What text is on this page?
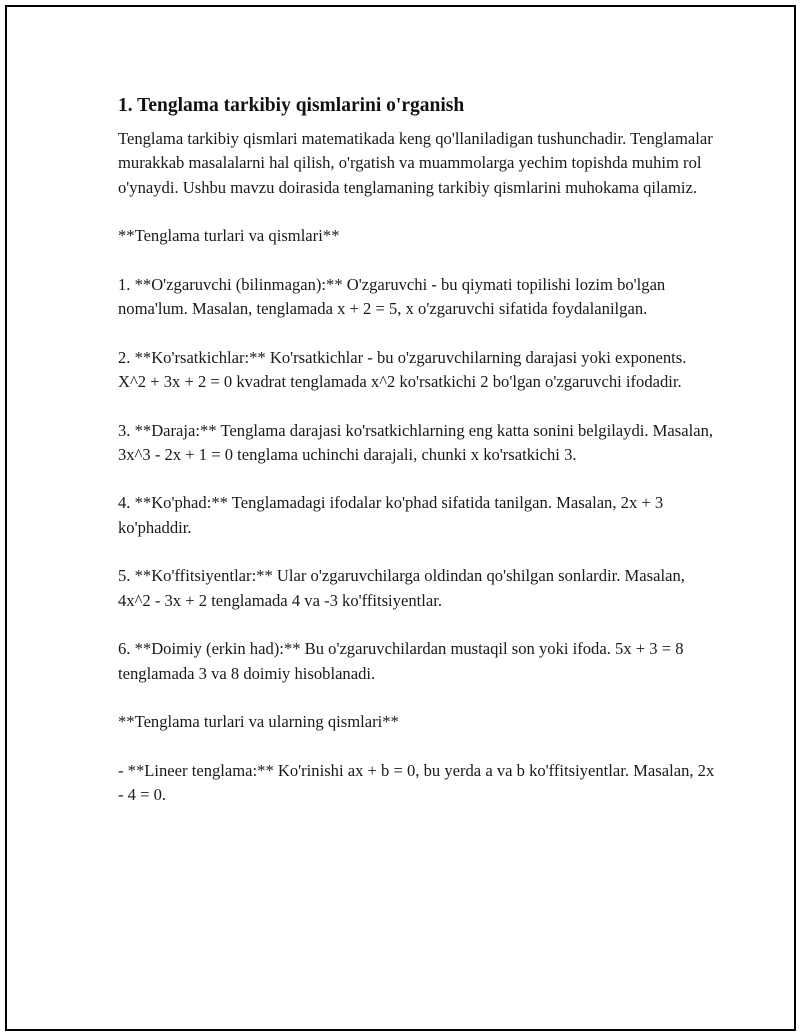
1. Tenglama tarkibiy qismlarini o'rganish

Tenglama tarkibiy qismlari matematikada keng qo'llaniladigan tushunchadir. Tenglamalar murakkab masalalarni hal qilish, o'rgatish va muammolarga yechim topishda muhim rol o'ynaydi. Ushbu mavzu doirasida tenglamaning tarkibiy qismlarini muhokama qilamiz.

**Tenglama turlari va qismlari**

1. **O'zgaruvchi (bilinmagan):** O'zgaruvchi - bu qiymati topilishi lozim bo'lgan noma'lum. Masalan, tenglamada x + 2 = 5, x o'zgaruvchi sifatida foydalanilgan.

2. **Ko'rsatkichlar:** Ko'rsatkichlar - bu o'zgaruvchilarning darajasi yoki exponents. X^2 + 3x + 2 = 0 kvadrat tenglamada x^2 ko'rsatkichi 2 bo'lgan o'zgaruvchi ifodadir.

3. **Daraja:** Tenglama darajasi ko'rsatkichlarning eng katta sonini belgilaydi. Masalan, 3x^3 - 2x + 1 = 0 tenglama uchinchi darajali, chunki x ko'rsatkichi 3.

4. **Ko'phad:** Tenglamadagi ifodalar ko'phad sifatida tanilgan. Masalan, 2x + 3 ko'phaddir.

5. **Ko'ffitsiyentlar:** Ular o'zgaruvchilarga oldindan qo'shilgan sonlardir. Masalan, 4x^2 - 3x + 2 tenglamada 4 va -3 ko'ffitsiyentlar.

6. **Doimiy (erkin had):** Bu o'zgaruvchilardan mustaqil son yoki ifoda. 5x + 3 = 8 tenglamada 3 va 8 doimiy hisoblanadi.

**Tenglama turlari va ularning qismlari**

- **Lineer tenglama:** Ko'rinishi ax + b = 0, bu yerda a va b ko'ffitsiyentlar. Masalan, 2x - 4 = 0.
